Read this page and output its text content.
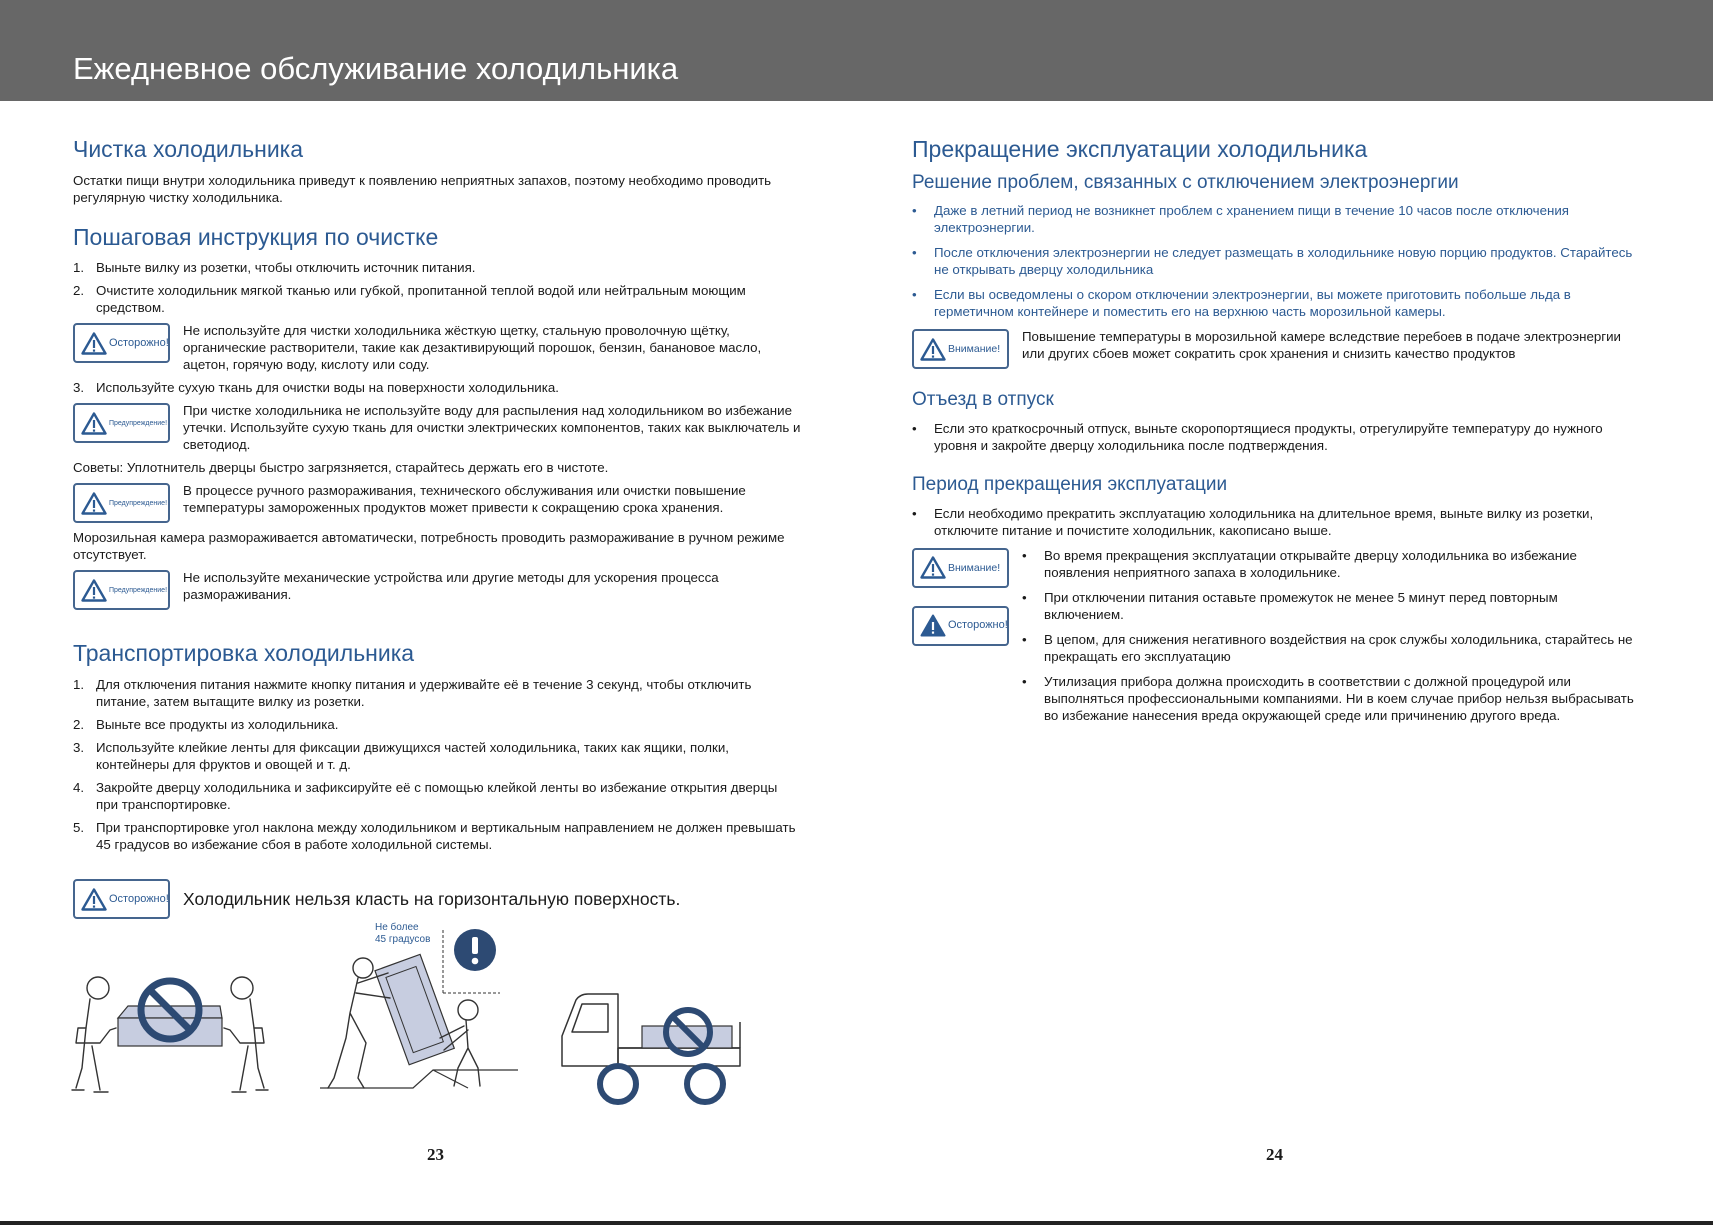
Ежедневное обслуживание холодильника
Чистка холодильника

Остатки пищи внутри холодильника приведут к появлению неприятных запахов, поэтому необходимо проводить регулярную чистку холодильника.

Пошаговая инструкция по очистке
1. Выньте вилку из розетки, чтобы отключить источник питания.
2. Очистите холодильник мягкой тканью или губкой, пропитанной теплой водой или нейтральным моющим средством.
Осторожно!
Не используйте для чистки холодильника жёсткую щетку, стальную проволочную щётку, органические растворители, такие как дезактивирующий порошок, бензин, банановое масло, ацетон, горячую воду, кислоту или соду.
3. Используйте сухую ткань для очистки воды на поверхности холодильника.
Предупреждение!
При чистке холодильника не используйте воду для распыления над холодильником во избежание утечки. Используйте сухую ткань для очистки электрических компонентов, таких как выключатель и светодиод.

Советы: Уплотнитель дверцы быстро загрязняется, старайтесь держать его в чистоте.

Предупреждение!
В процессе ручного размораживания, технического обслуживания или очистки повышение температуры замороженных продуктов может привести к сокращению срока хранения.

Морозильная камера размораживается автоматически, потребность проводить размораживание в ручном режиме отсутствует.

Предупреждение!
Не используйте механические устройства или другие методы для ускорения процесса размораживания.
Транспортировка холодильника
1. Для отключения питания нажмите кнопку питания и удерживайте её в течение 3 секунд, чтобы отключить питание, затем вытащите вилку из розетки.
2. Выньте все продукты из холодильника.
3. Используйте клейкие ленты для фиксации движущихся частей холодильника, таких как ящики, полки, контейнеры для фруктов и овощей и т. д.
4. Закройте дверцу холодильника и зафиксируйте её с помощью клейкой ленты во избежание открытия дверцы при транспортировке.
5. При транспортировке угол наклона между холодильником и вертикальным направлением не должен превышать 45 градусов во избежание сбоя в работе холодильной системы.
Осторожно! Холодильник нельзя класть на горизонтальную поверхность.
Не более
45 градусов
Прекращение эксплуатации холодильника
Решение проблем, связанных с отключением электроэнергии
• Даже в летний период не возникнет проблем с хранением пищи в течение 10 часов после отключения электроэнергии.
• После отключения электроэнергии не следует размещать в холодильнике новую порцию продуктов. Старайтесь не открывать дверцу холодильника
• Если вы осведомлены о скором отключении электроэнергии, вы можете приготовить побольше льда в герметичном контейнере и поместить его на верхнюю часть морозильной камеры.
Внимание!
Повышение температуры в морозильной камере вследствие перебоев в подаче электроэнергии или других сбоев может сократить срок хранения и снизить качество продуктов
Отъезд в отпуск
• Если это краткосрочный отпуск, выньте скоропортящиеся продукты, отрегулируйте температуру до нужного уровня и закройте дверцу холодильника после подтверждения.
Период прекращения эксплуатации
• Если необходимо прекратить эксплуатацию холодильника на длительное время, выньте вилку из розетки, отключите питание и почистите холодильник, какописано выше.
Внимание!
Осторожно!
• Во время прекращения эксплуатации открывайте дверцу холодильника во избежание появления неприятного запаха в холодильнике.
• При отключении питания оставьте промежуток не менее 5 минут перед повторным включением.
• В цепом, для снижения негативного воздействия на срок службы холодильника, старайтесь не прекращать его эксплуатацию
• Утилизация прибора должна происходить в соответствии с должной процедурой или выполняться профессиональными компаниями. Ни в коем случае прибор нельзя выбрасывать во избежание нанесения вреда окружающей среде или причинению другого вреда.
23	24
